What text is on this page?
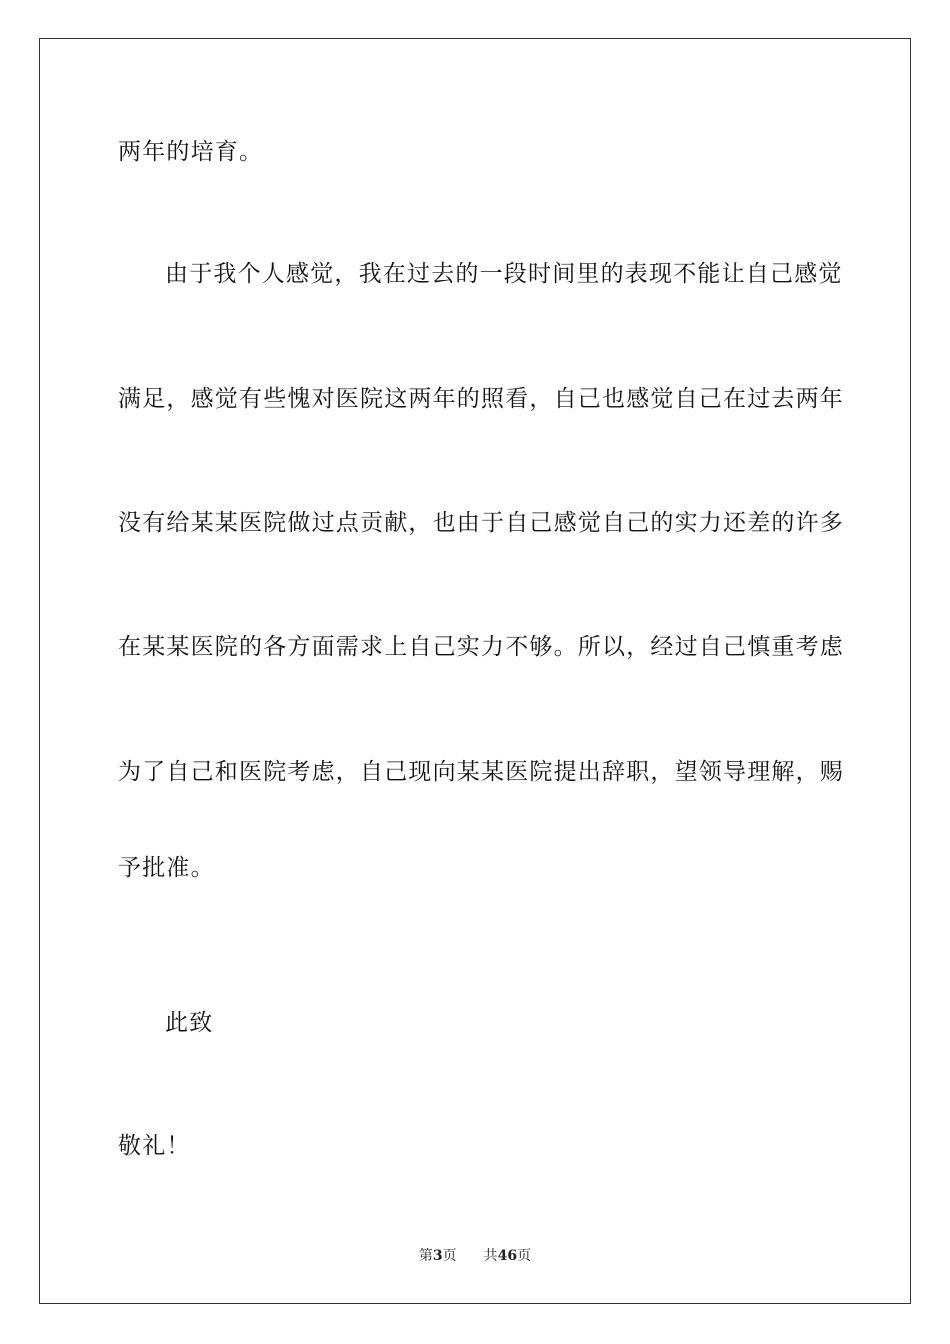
两年的培育。
由于我个人感觉，我在过去的一段时间里的表现不能让自己感觉
满足，感觉有些愧对医院这两年的照看，自己也感觉自己在过去两年
没有给某某医院做过点贡献，也由于自己感觉自己的实力还差的许多
在某某医院的各方面需求上自己实力不够。所以，经过自己慎重考虑
为了自己和医院考虑，自己现向某某医院提出辞职，望领导理解，赐
予批准。
此致
敬礼！
第3页 共46页
